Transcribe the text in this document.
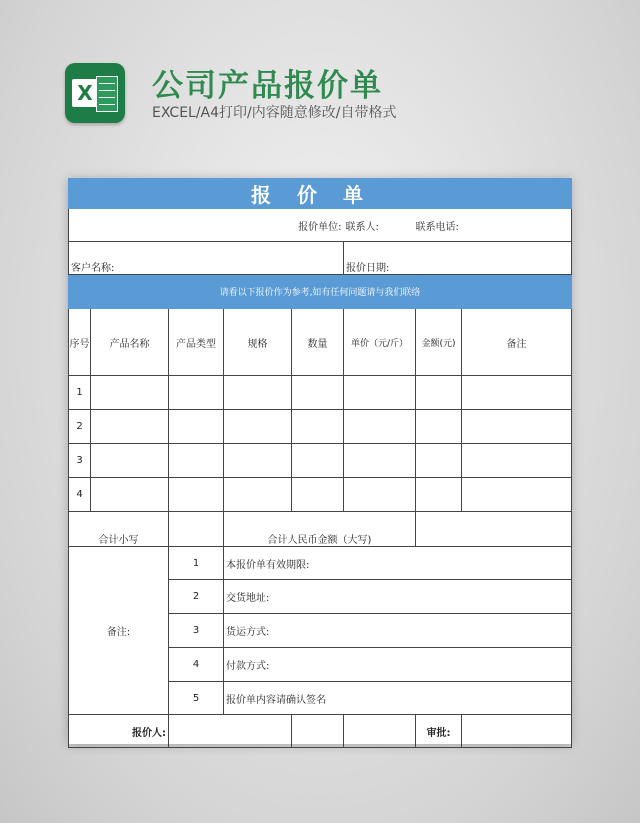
X 公司产品报价单
EXCEL/A4打印/内容随意修改/自带格式
报价单							
			报价单位:		联系人:	联系电话:	
客户名称:					报价日期:		
请看以下报价作为参考,如有任何问题请与我们联络							
序号	产品名称	产品类型	规格	数量	单价（元/斤）	金额(元)	备注
1							
2							
3							
4							
合计小写			合计人民币金额（大写)				
备注:		1	本报价单有效期限:				
		2	交货地址:				
		3	货运方式:				
		4	付款方式:				
		5	报价单内容请确认签名				
报价人:						审批:	
